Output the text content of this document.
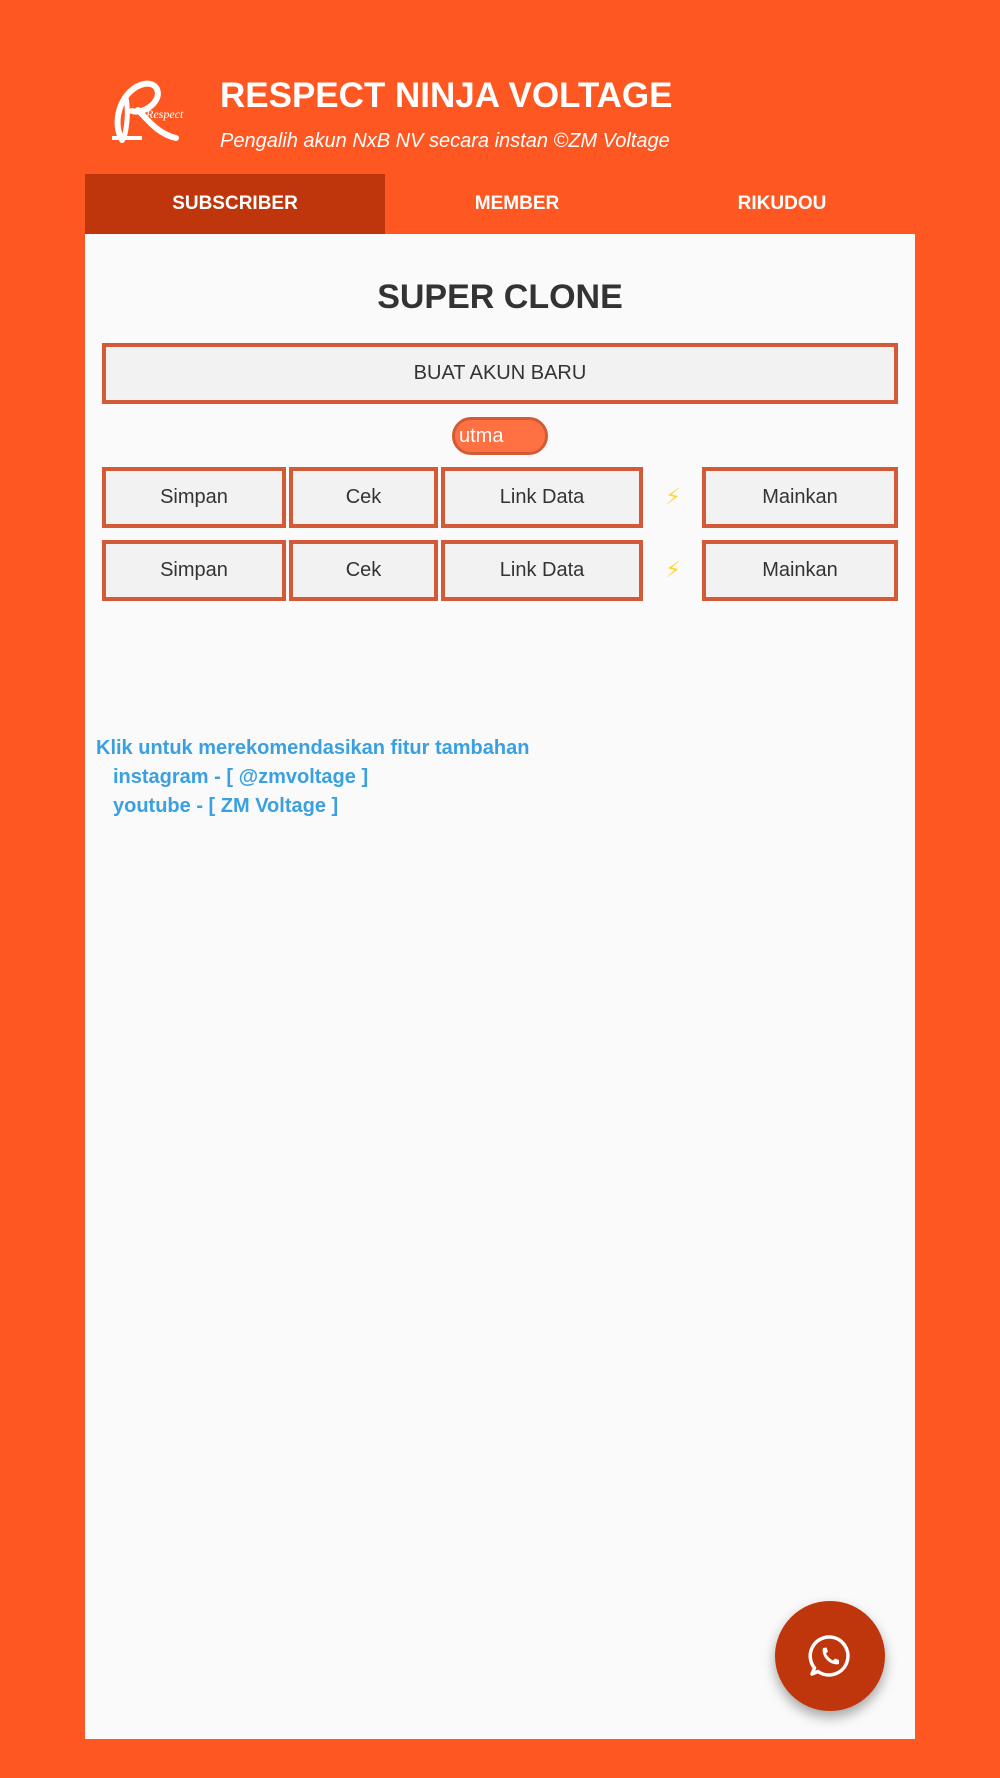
Respect RESPECT NINJA VOLTAGE
Pengalih akun NxB NV secara instan ©ZM Voltage
SUBSCRIBER	MEMBER	RIKUDOU
SUPER CLONE
BUAT AKUN BARU
utma
Simpan	Cek	Link Data	⚡	Mainkan
Simpan	Cek	Link Data	⚡	Mainkan
Klik untuk merekomendasikan fitur tambahan
instagram - [ @zmvoltage ]
youtube - [ ZM Voltage ]
